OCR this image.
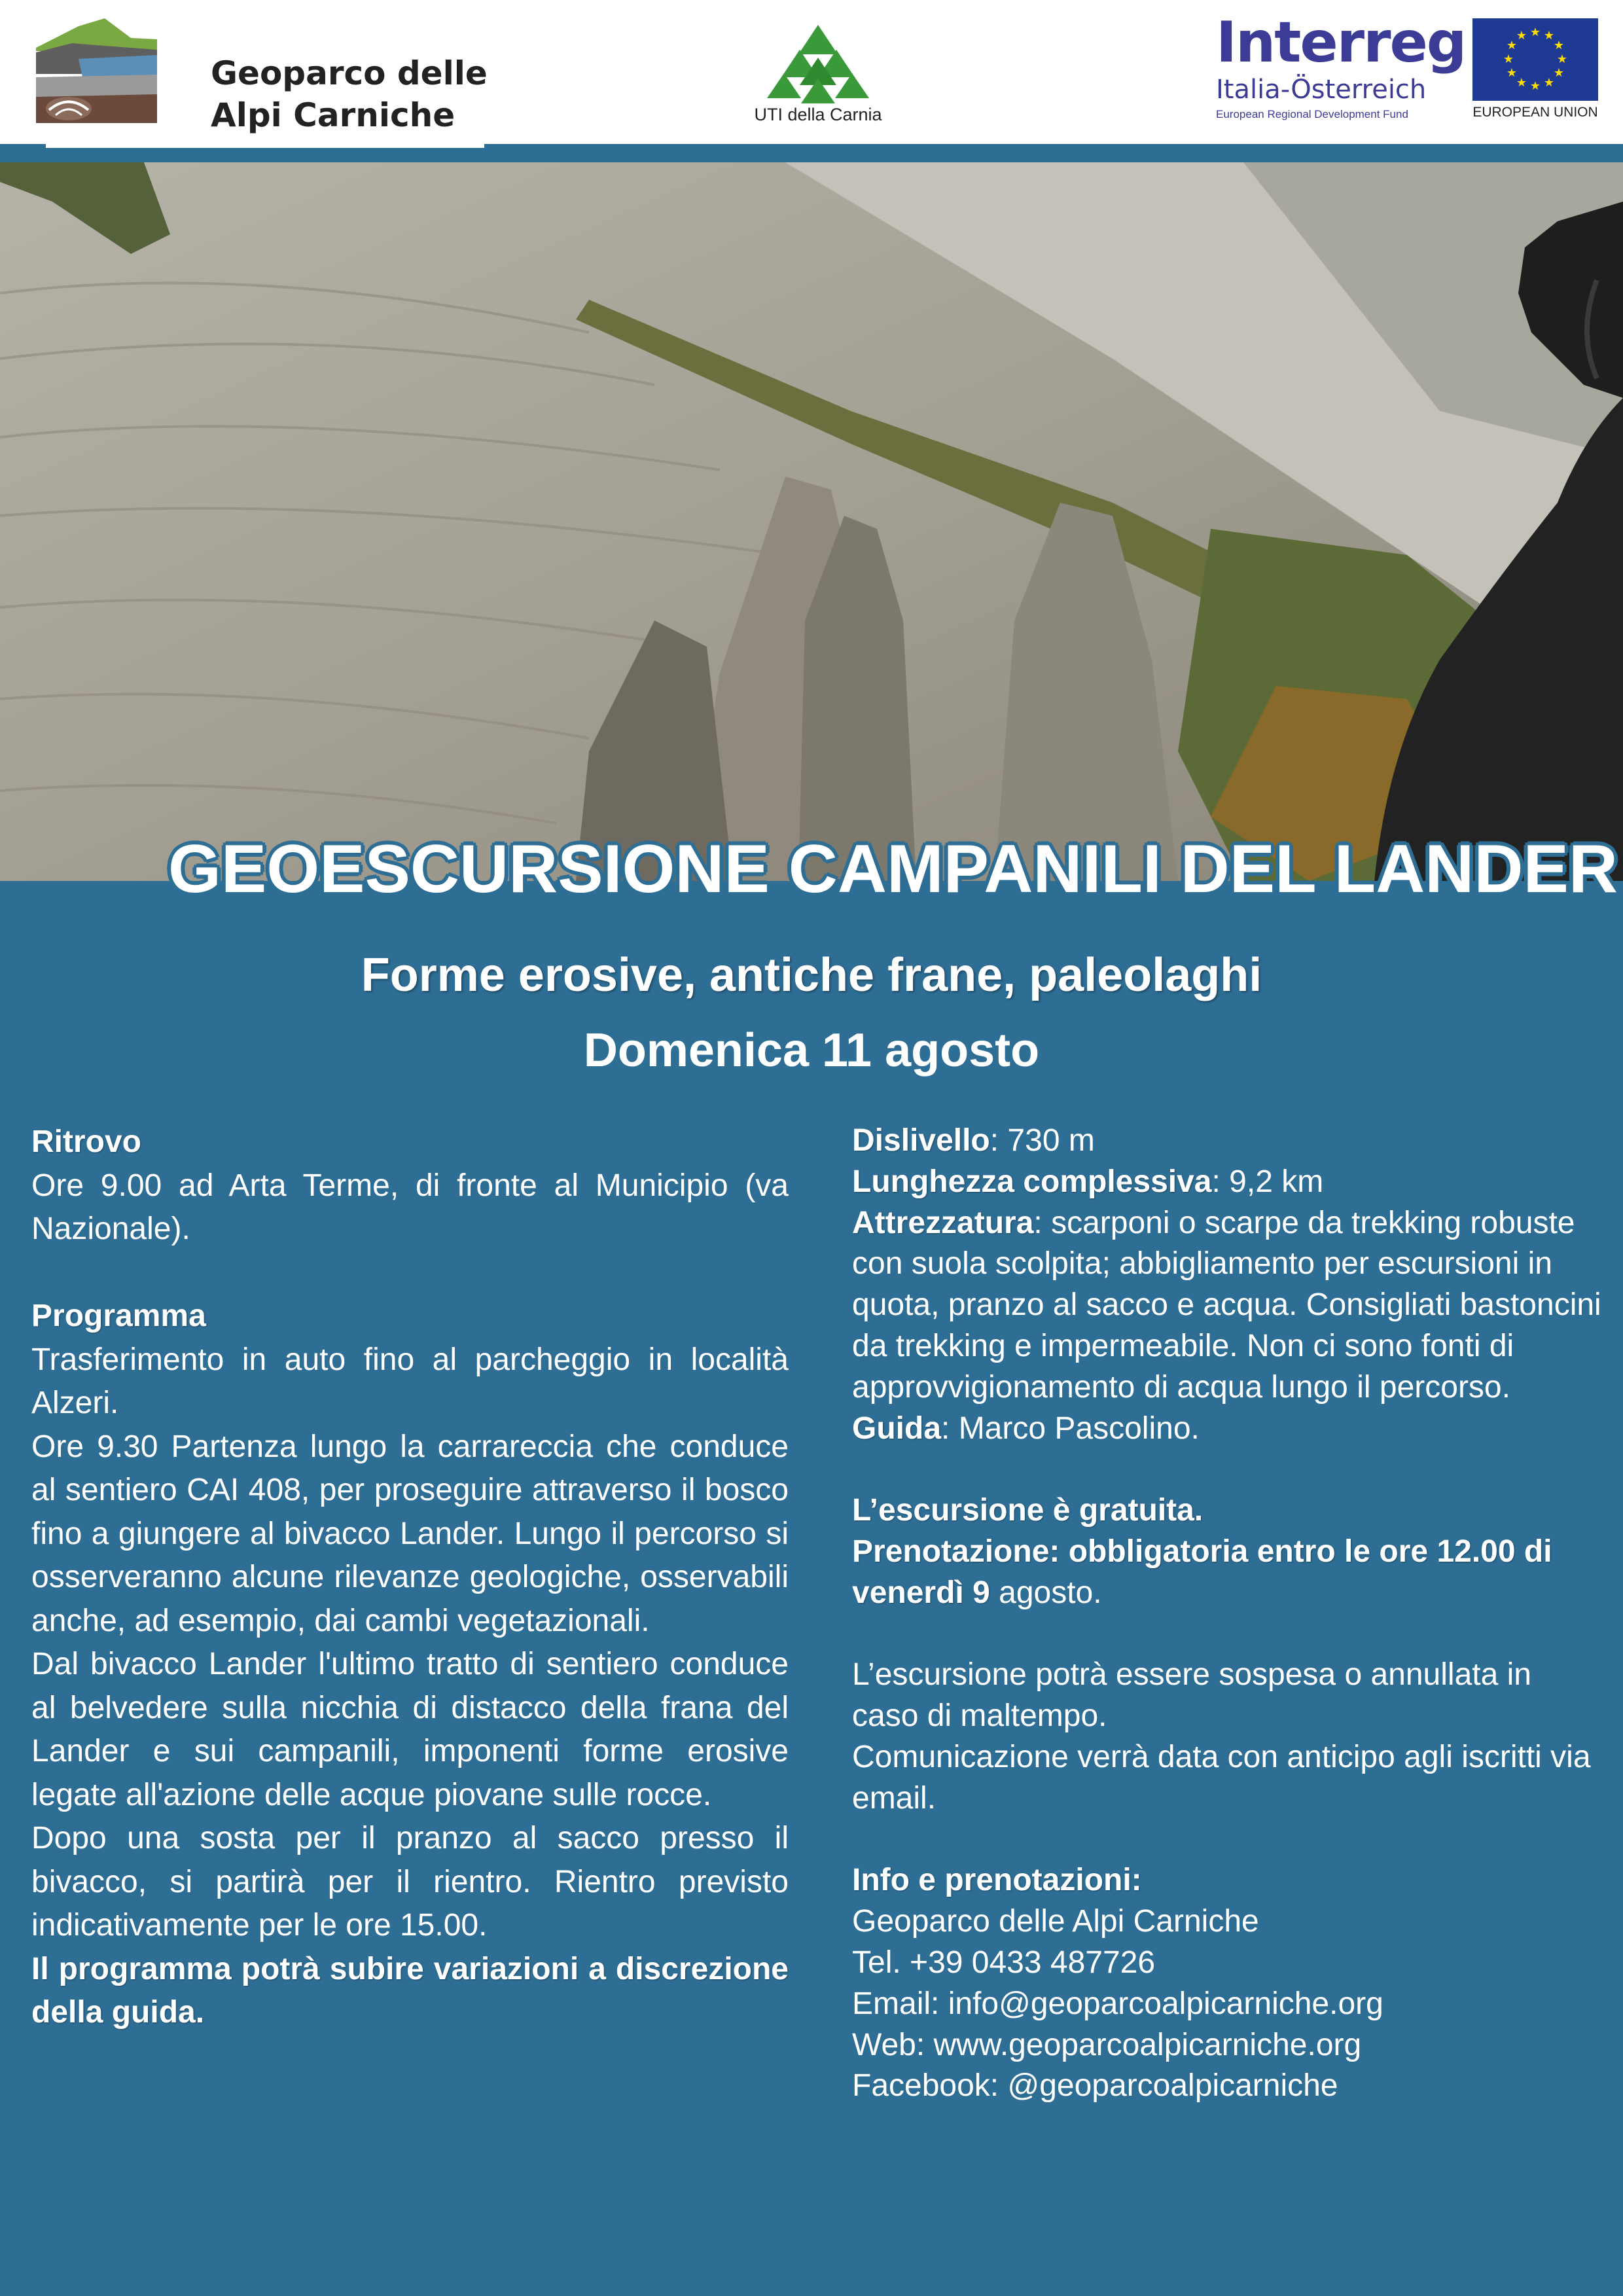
Geoparco delle
Alpi Carniche	UTI della Carnia
Interreg
Italia-Österreich
European Regional Development Fund
★ ★
★
★
★
★
★
★
★
★
★
★
EUROPEAN UNION
GEOESCURSIONE CAMPANILI DEL LANDER
Forme erosive, antiche frane, paleolaghi
Domenica 11 agosto

Ritrovo

Ore 9.00 ad Arta Terme, di fronte al Municipio (va Nazionale).

Programma

Trasferimento in auto fino al parcheggio in località Alzeri.

Ore 9.30 Partenza lungo la carrareccia che conduce al sentiero CAI 408, per proseguire attraverso il bosco fino a giungere al bivacco Lander. Lungo il percorso si osserveranno alcune rilevanze geologiche, osservabili anche, ad esempio, dai cambi vegetazionali.

Dal bivacco Lander l'ultimo tratto di sentiero conduce al belvedere sulla nicchia di distacco della frana del Lander e sui campanili, imponenti forme erosive legate all'azione delle acque piovane sulle rocce.

Dopo una sosta per il pranzo al sacco presso il bivacco, si partirà per il rientro. Rientro previsto indicativamente per le ore 15.00.

Il programma potrà subire variazioni a discrezione della guida.

Dislivello: 730 m

Lunghezza complessiva: 9,2 km

Attrezzatura: scarponi o scarpe da trekking robuste con suola scolpita; abbigliamento per escursioni in quota, pranzo al sacco e acqua. Consigliati bastoncini da trekking e impermeabile. Non ci sono fonti di approvvigionamento di acqua lungo il percorso.

Guida: Marco Pascolino.

L’escursione è gratuita.

Prenotazione: obbligatoria entro le ore 12.00 di venerdì 9 agosto.

L’escursione potrà essere sospesa o annullata in caso di maltempo.

Comunicazione verrà data con anticipo agli iscritti via email.

Info e prenotazioni:

Geoparco delle Alpi Carniche

Tel. +39 0433 487726

Email: info@geoparcoalpicarniche.org

Web: www.geoparcoalpicarniche.org

Facebook: @geoparcoalpicarniche
